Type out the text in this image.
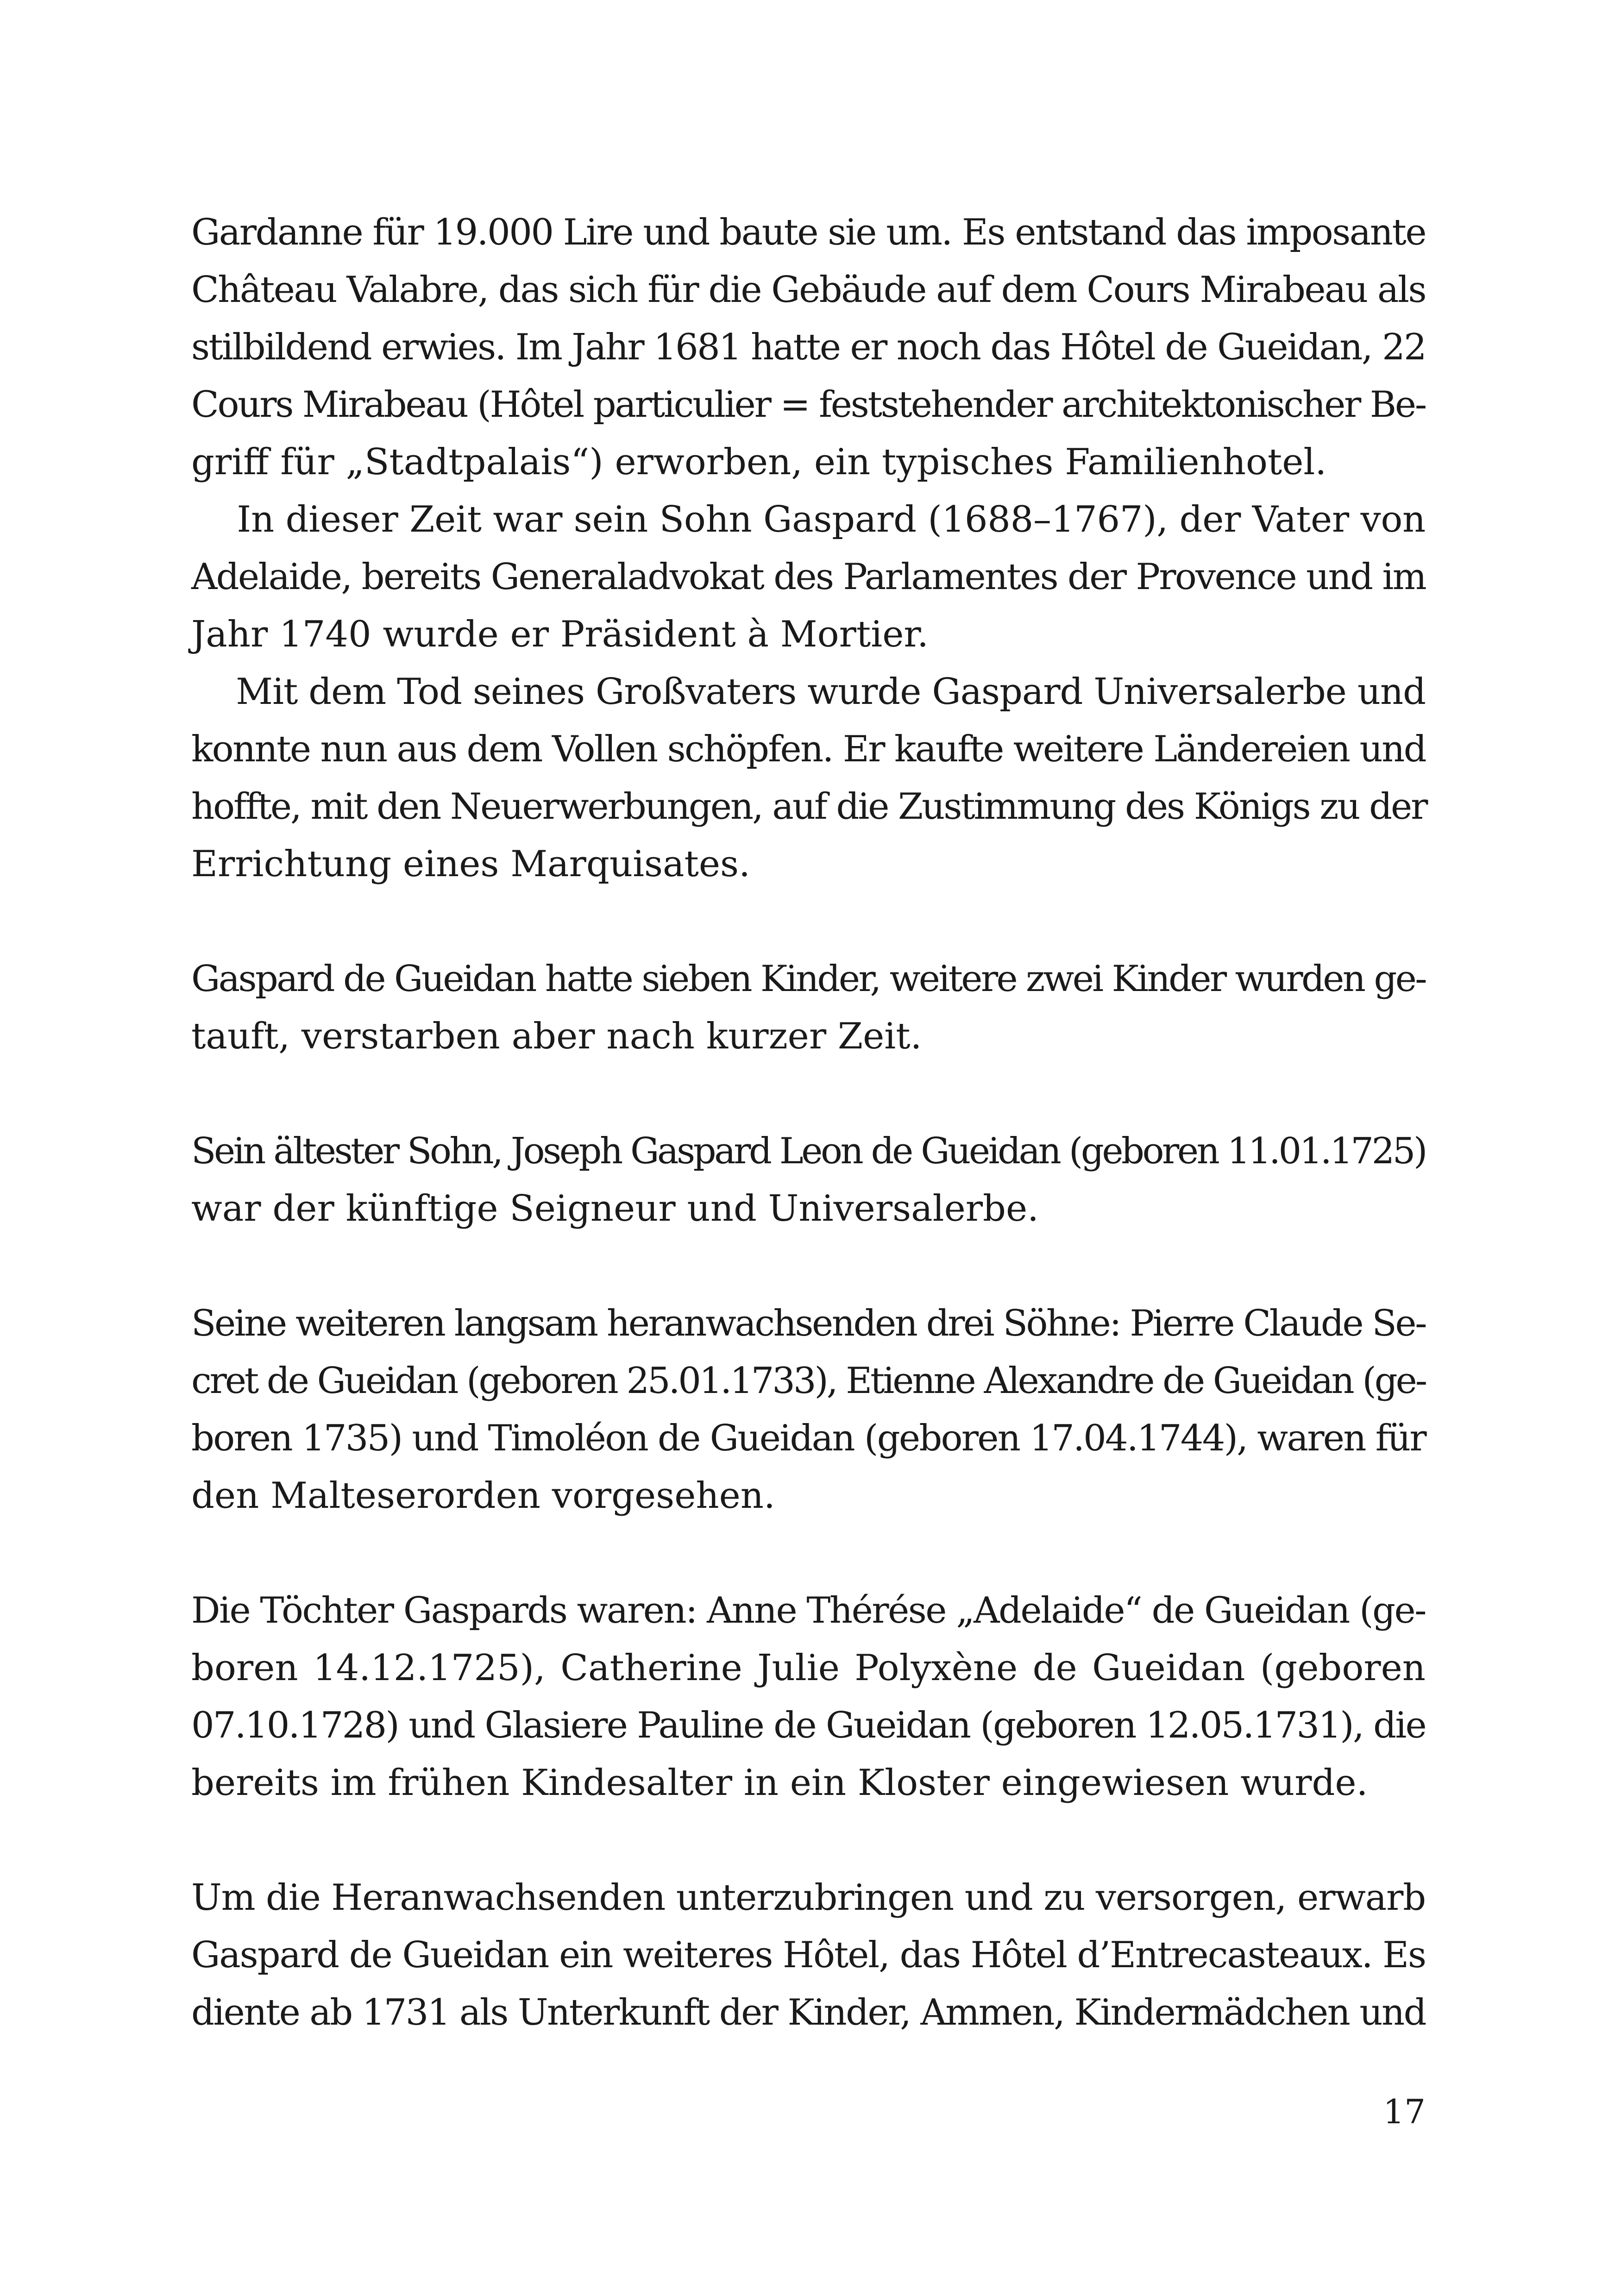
Gardanne für 19.000 Lire und baute sie um. Es entstand das imposante
Château Valabre, das sich für die Gebäude auf dem Cours Mirabeau als
stilbildend erwies. Im Jahr 1681 hatte er noch das Hôtel de Gueidan, 22
Cours Mirabeau (Hôtel particulier = feststehender architektonischer Be-
griff für „Stadtpalais“) erworben, ein typisches Familienhotel.
In dieser Zeit war sein Sohn Gaspard (1688–1767), der Vater von
Adelaide, bereits Generaladvokat des Parlamentes der Provence und im
Jahr 1740 wurde er Präsident à Mortier.
Mit dem Tod seines Großvaters wurde Gaspard Universalerbe und
konnte nun aus dem Vollen schöpfen. Er kaufte weitere Ländereien und
hoffte, mit den Neuerwerbungen, auf die Zustimmung des Königs zu der
Errichtung eines Marquisates.
Gaspard de Gueidan hatte sieben Kinder, weitere zwei Kinder wurden ge-
tauft, verstarben aber nach kurzer Zeit.
Sein ältester Sohn, Joseph Gaspard Leon de Gueidan (geboren 11.01.1725)
war der künftige Seigneur und Universalerbe.
Seine weiteren langsam heranwachsenden drei Söhne: Pierre Claude Se-
cret de Gueidan (geboren 25.01.1733), Etienne Alexandre de Gueidan (ge-
boren 1735) und Timoléon de Gueidan (geboren 17.04.1744), waren für
den Malteserorden vorgesehen.
Die Töchter Gaspards waren: Anne Thérése „Adelaide“ de Gueidan (ge-
boren 14.12.1725), Catherine Julie Polyxène de Gueidan (geboren
07.10.1728) und Glasiere Pauline de Gueidan (geboren 12.05.1731), die
bereits im frühen Kindesalter in ein Kloster eingewiesen wurde.
Um die Heranwachsenden unterzubringen und zu versorgen, erwarb
Gaspard de Gueidan ein weiteres Hôtel, das Hôtel d’Entrecasteaux. Es
diente ab 1731 als Unterkunft der Kinder, Ammen, Kindermädchen und
17
